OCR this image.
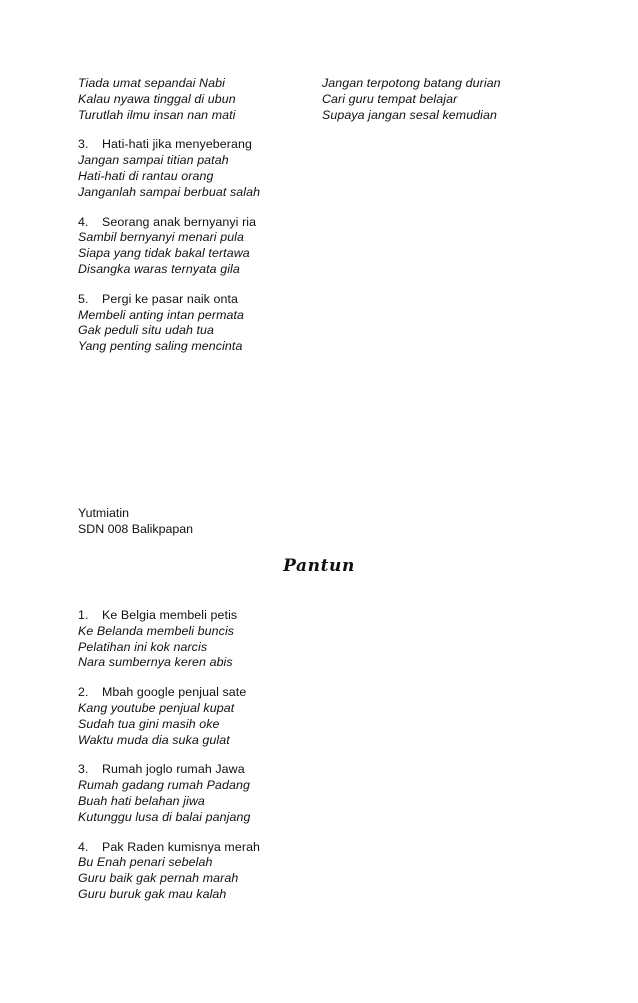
Tiada umat sepandai Nabi
Kalau nyawa tinggal di ubun
Turutlah ilmu insan nan mati
3. Hati-hati jika menyeberang
Jangan sampai titian patah
Hati-hati di rantau orang
Janganlah sampai berbuat salah
4. Seorang anak bernyanyi ria
Sambil bernyanyi menari pula
Siapa yang tidak bakal tertawa
Disangka waras ternyata gila
5. Pergi ke pasar naik onta
Membeli anting intan permata
Gak peduli situ udah tua
Yang penting saling mencinta
Jangan terpotong batang durian
Cari guru tempat belajar
Supaya jangan sesal kemudian
Yutmiatin
SDN 008 Balikpapan
Pantun
1. Ke Belgia membeli petis
Ke Belanda membeli buncis
Pelatihan ini kok narcis
Nara sumbernya keren abis
2. Mbah google penjual sate
Kang youtube penjual kupat
Sudah tua gini masih oke
Waktu muda dia suka gulat
3. Rumah joglo rumah Jawa
Rumah gadang rumah Padang
Buah hati belahan jiwa
Kutunggu lusa di balai panjang
4. Pak Raden kumisnya merah
Bu Enah penari sebelah
Guru baik gak pernah marah
Guru buruk gak mau kalah
